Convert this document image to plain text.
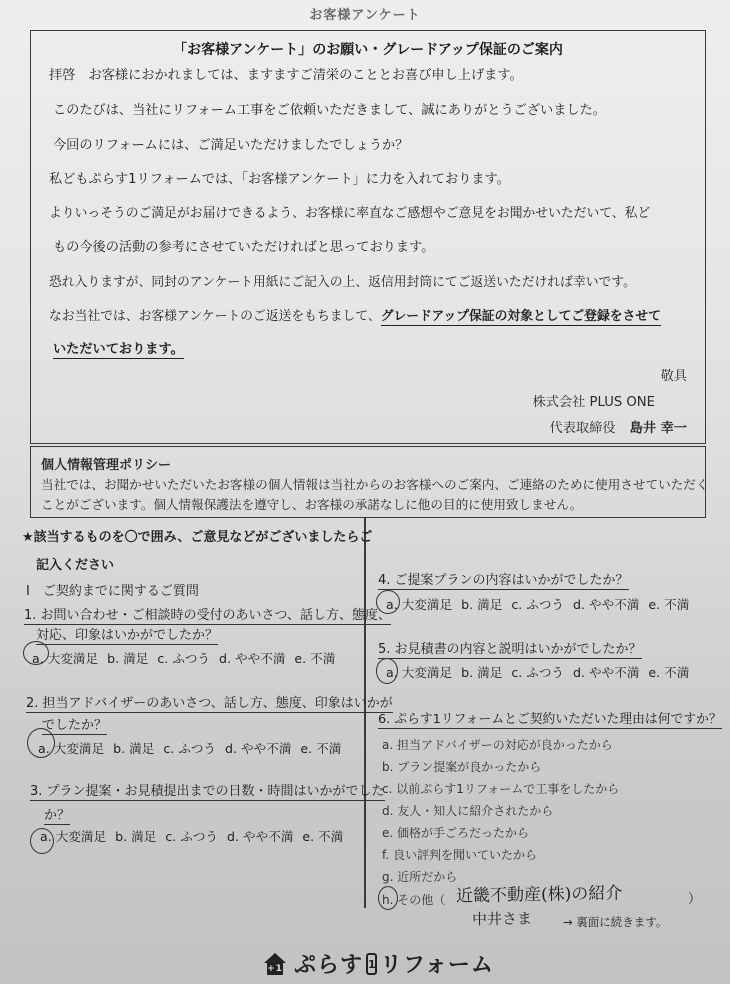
お客様アンケート
「お客様アンケート」のお願い・グレードアップ保証のご案内
拝啓　お客様におかれましては、ますますご清栄のこととお喜び申し上げます。
このたびは、当社にリフォーム工事をご依頼いただきまして、誠にありがとうございました。
今回のリフォームには、ご満足いただけましたでしょうか？
私どもぷらす1リフォームでは、「お客様アンケート」に力を入れております。
よりいっそうのご満足がお届けできるよう、お客様に率直なご感想やご意見をお聞かせいただいて、私ど
もの今後の活動の参考にさせていただければと思っております。
恐れ入りますが、同封のアンケート用紙にご記入の上、返信用封筒にてご返送いただければ幸いです。
なお当社では、お客様アンケートのご返送をもちまして、グレードアップ保証の対象としてご登録をさせて
いただいております。
敬具
株式会社 PLUS ONE
代表取締役 島井 幸一
個人情報管理ポリシー
当社では、お聞かせいただいたお客様の個人情報は当社からのお客様へのご案内、ご連絡のために使用させていただく
ことがございます。個人情報保護法を遵守し、お客様の承諾なしに他の目的に使用致しません。
★該当するものを〇で囲み、ご意見などがございましたらご
記入ください
Ⅰ　ご契約までに関するご質問
1. お問い合わせ・ご相談時の受付のあいさつ、話し方、態度、
対応、印象はいかがでしたか？
a. 大変満足 b. 満足 c. ふつう d. やや不満 e. 不満
2. 担当アドバイザーのあいさつ、話し方、態度、印象はいかが
でしたか？
a. 大変満足 b. 満足 c. ふつう d. やや不満 e. 不満
3. プラン提案・お見積提出までの日数・時間はいかがでした
か？
a. 大変満足 b. 満足 c. ふつう d. やや不満 e. 不満
4. ご提案プランの内容はいかがでしたか？
a. 大変満足 b. 満足 c. ふつう d. やや不満 e. 不満
5. お見積書の内容と説明はいかがでしたか？
a. 大変満足 b. 満足 c. ふつう d. やや不満 e. 不満
6. ぷらす1リフォームとご契約いただいた理由は何ですか？
a. 担当アドバイザーの対応が良かったから
b. プラン提案が良かったから
c. 以前ぷらす1リフォームで工事をしたから
d. 友人・知人に紹介されたから
e. 価格が手ごろだったから
f. 良い評判を聞いていたから
g. 近所だから
h. その他（ 近畿不動産(株)の紹介	）
中井さま	→ 裏面に続きます。
+1 ぷらす 1 リフォーム
